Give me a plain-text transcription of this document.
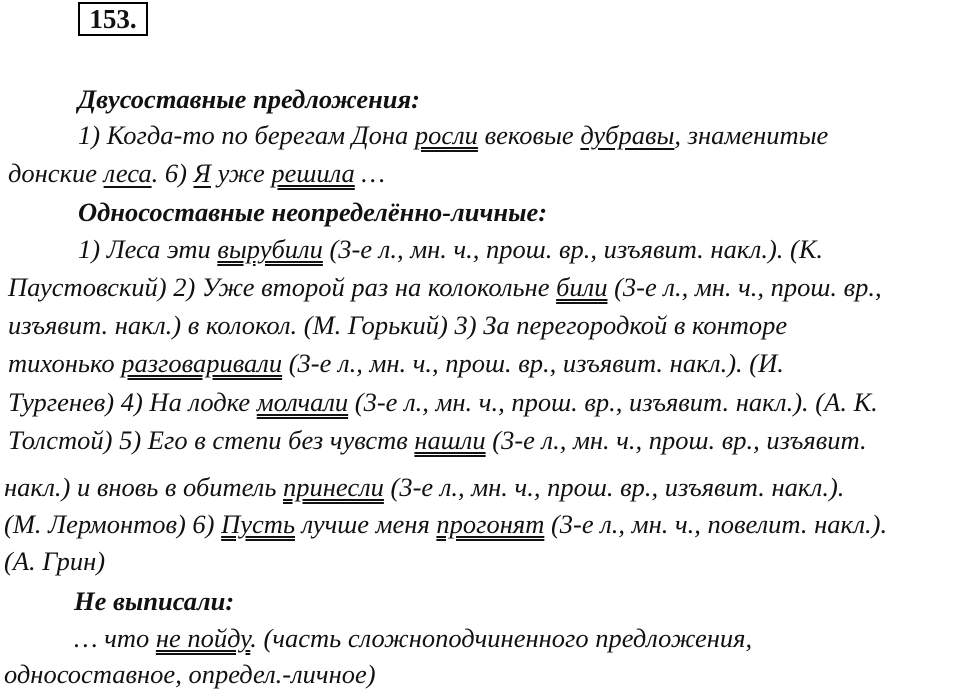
153.
Двусоставные предложения:
1) Когда-то по берегам Дона росли вековые дубравы, знаменитые
донские леса. 6) Я уже решила …
Односоставные неопределённо-личные:
1) Леса эти вырубили (3-е л., мн. ч., прош. вр., изъявит. накл.). (К.
Паустовский) 2) Уже второй раз на колокольне били (3-е л., мн. ч., прош. вр.,
изъявит. накл.) в колокол. (М. Горький) 3) За перегородкой в конторе
тихонько разговаривали (3-е л., мн. ч., прош. вр., изъявит. накл.). (И.
Тургенев) 4) На лодке молчали (3-е л., мн. ч., прош. вр., изъявит. накл.). (А. К.
Толстой) 5) Его в степи без чувств нашли (3-е л., мн. ч., прош. вр., изъявит.
накл.) и вновь в обитель принесли (3-е л., мн. ч., прош. вр., изъявит. накл.).
(М. Лермонтов) 6) Пусть лучше меня прогонят (3-е л., мн. ч., повелит. накл.).
(А. Грин)
Не выписали:
… что не пойду. (часть сложноподчиненного предложения,
односоставное, определ.-личное)
